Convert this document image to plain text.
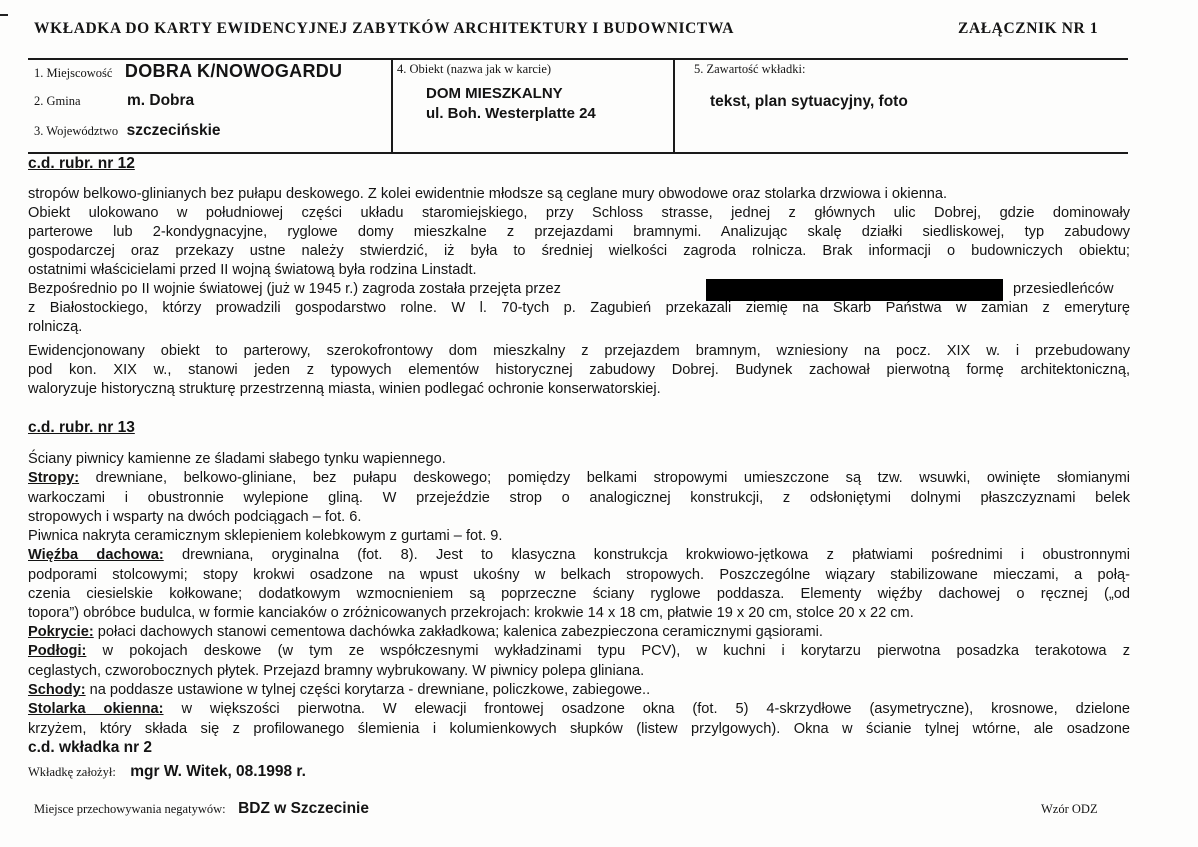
WKŁADKA DO KARTY EWIDENCYJNEJ ZABYTKÓW ARCHITEKTURY I BUDOWNICTWA	ZAŁĄCZNIK NR 1
1. Miejscowość DOBRA K/NOWOGARDU
2. Gmina	m. Dobra
3. Województwo szczecińskie
4. Obiekt (nazwa jak w karcie)
DOM MIESZKALNY
ul. Boh. Westerplatte 24
5. Zawartość wkładki:
tekst, plan sytuacyjny, foto
c.d. rubr. nr 12
stropów belkowo-glinianych bez pułapu deskowego. Z kolei ewidentnie młodsze są ceglane mury obwodowe oraz stolarka drzwiowa i okienna.
Obiekt ulokowano w południowej części układu staromiejskiego, przy Schloss strasse, jednej z głównych ulic Dobrej, gdzie dominowały
parterowe lub 2-kondygnacyjne, ryglowe domy mieszkalne z przejazdami bramnymi. Analizując skalę działki siedliskowej, typ zabudowy
gospodarczej oraz przekazy ustne należy stwierdzić, iż była to średniej wielkości zagroda rolnicza. Brak informacji o budowniczych obiektu;
ostatnimi właścicielami przed II wojną światową była rodzina Linstadt.
Bezpośrednio po II wojnie światowej (już w 1945 r.) zagroda została przejęta przez	przesiedleńców
z Białostockiego, którzy prowadzili gospodarstwo rolne. W l. 70-tych p. Zagubień przekazali ziemię na Skarb Państwa w zamian z emeryturę
rolniczą.
Ewidencjonowany obiekt to parterowy, szerokofrontowy dom mieszkalny z przejazdem bramnym, wzniesiony na pocz. XIX w. i przebudowany
pod kon. XIX w., stanowi jeden z typowych elementów historycznej zabudowy Dobrej. Budynek zachował pierwotną formę architektoniczną,
waloryzuje historyczną strukturę przestrzenną miasta, winien podlegać ochronie konserwatorskiej.
c.d. rubr. nr 13
Ściany piwnicy kamienne ze śladami słabego tynku wapiennego.
Stropy: drewniane, belkowo-gliniane, bez pułapu deskowego; pomiędzy belkami stropowymi umieszczone są tzw. wsuwki, owinięte słomianymi
warkoczami i obustronnie wylepione gliną. W przejeździe strop o analogicznej konstrukcji, z odsłoniętymi dolnymi płaszczyznami belek
stropowych i wsparty na dwóch podciągach – fot. 6.
Piwnica nakryta ceramicznym sklepieniem kolebkowym z gurtami – fot. 9.
Więźba dachowa: drewniana, oryginalna (fot. 8). Jest to klasyczna konstrukcja krokwiowo-jętkowa z płatwiami pośrednimi i obustronnymi
podporami stolcowymi; stopy krokwi osadzone na wpust ukośny w belkach stropowych. Poszczególne wiązary stabilizowane mieczami, a połą-
czenia ciesielskie kołkowane; dodatkowym wzmocnieniem są poprzeczne ściany ryglowe poddasza. Elementy więźby dachowej o ręcznej („od
topora”) obróbce budulca, w formie kanciaków o zróżnicowanych przekrojach: krokwie 14 x 18 cm, płatwie 19 x 20 cm, stolce 20 x 22 cm.
Pokrycie: połaci dachowych stanowi cementowa dachówka zakładkowa; kalenica zabezpieczona ceramicznymi gąsiorami.
Podłogi: w pokojach deskowe (w tym ze współczesnymi wykładzinami typu PCV), w kuchni i korytarzu pierwotna posadzka terakotowa z
ceglastych, czworobocznych płytek. Przejazd bramny wybrukowany. W piwnicy polepa gliniana.
Schody: na poddasze ustawione w tylnej części korytarza - drewniane, policzkowe, zabiegowe..
Stolarka okienna: w większości pierwotna. W elewacji frontowej osadzone okna (fot. 5) 4-skrzydłowe (asymetryczne), krosnowe, dzielone
krzyżem, który składa się z profilowanego ślemienia i kolumienkowych słupków (listew przylgowych). Okna w ścianie tylnej wtórne, ale osadzone
c.d. wkładka nr 2
Wkładkę założył: mgr W. Witek, 08.1998 r.
Miejsce przechowywania negatywów: BDZ w Szczecinie	Wzór ODZ
